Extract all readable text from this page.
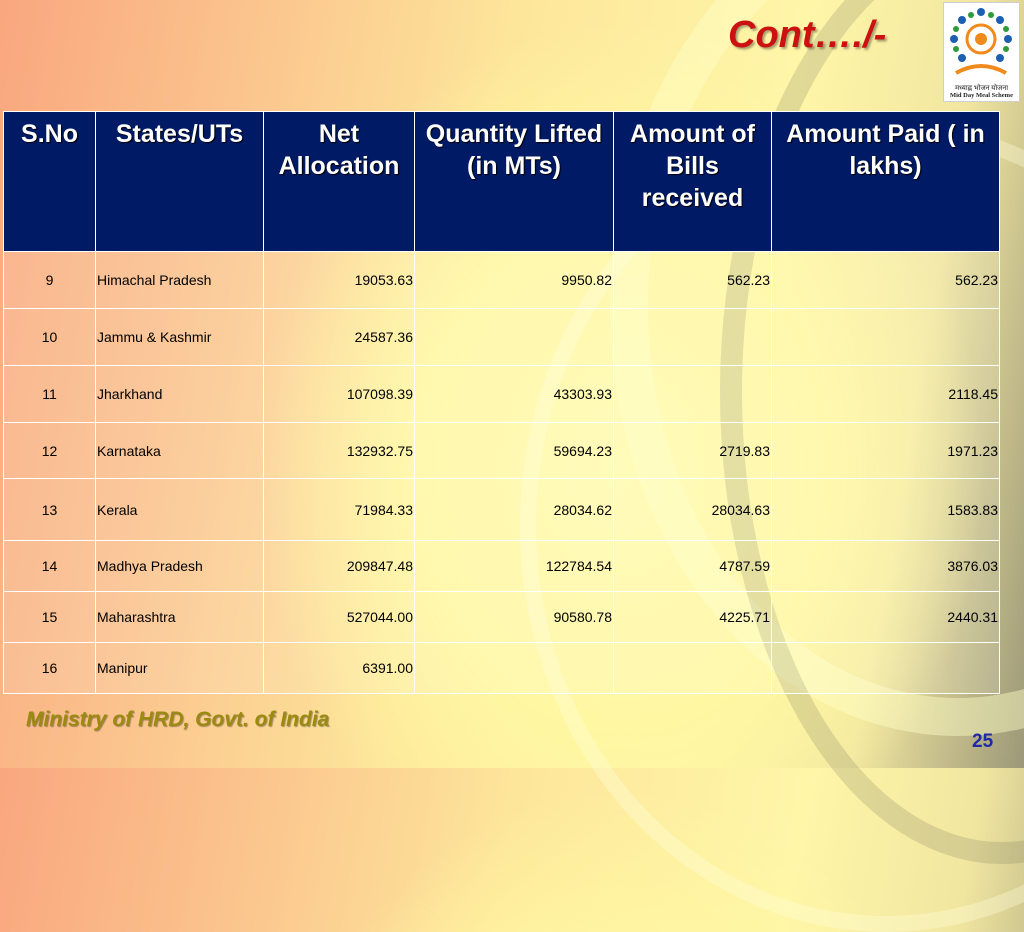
Cont…./-
मध्याह्न भोजन योजना
Mid Day Meal Scheme
S.No	States/UTs	Net Allocation	Quantity Lifted (in MTs)	Amount of Bills received	Amount Paid ( in lakhs)
9	Himachal Pradesh	19053.63	9950.82	562.23	562.23
10	Jammu & Kashmir	24587.36			
11	Jharkhand	107098.39	43303.93		2118.45
12	Karnataka	132932.75	59694.23	2719.83	1971.23
13	Kerala	71984.33	28034.62	28034.63	1583.83
14	Madhya Pradesh	209847.48	122784.54	4787.59	3876.03
15	Maharashtra	527044.00	90580.78	4225.71	2440.31
16	Manipur	6391.00			
Ministry of HRD, Govt. of India
25
